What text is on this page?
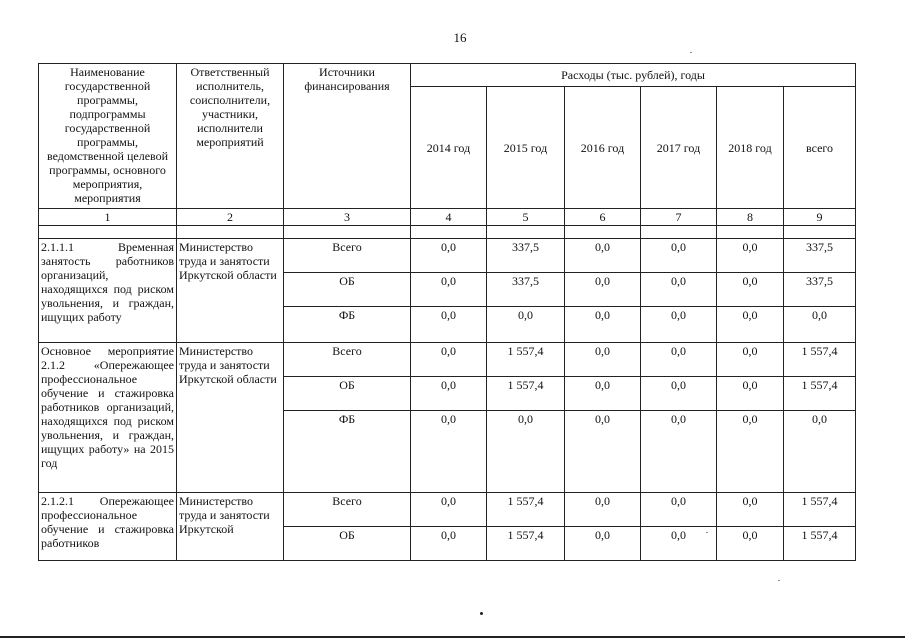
16
Наименование государственной программы, подпрограммы государственной программы, ведомственной целевой программы, основного мероприятия, мероприятия	Ответственный исполнитель, соисполнители, участники, исполнители мероприятий	Источники финансирования	Расходы (тыс. рублей), годы					
			2014 год	2015 год	2016 год	2017 год	2018 год	всего
1	2	3	4	5	6	7	8	9

2.1.1.1 Временная занятость работников организаций, находящихся под риском увольнения, и граждан, ищущих работу	Министерство труда и занятости Иркутской области	Всего	0,0	337,5	0,0	0,0	0,0	337,5
		ОБ	0,0	337,5	0,0	0,0	0,0	337,5
		ФБ	0,0	0,0	0,0	0,0	0,0	0,0
Основное мероприятие 2.1.2 «Опережающее профессиональное обучение и стажировка работников организаций, находящихся под риском увольнения, и граждан, ищущих работу» на 2015 год	Министерство труда и занятости Иркутской области	Всего	0,0	1 557,4	0,0	0,0	0,0	1 557,4
		ОБ	0,0	1 557,4	0,0	0,0	0,0	1 557,4
		ФБ	0,0	0,0	0,0	0,0	0,0	0,0
2.1.2.1 Опережающее профессиональное обучение и стажировка работников	Министерство труда и занятости Иркутской	Всего	0,0	1 557,4	0,0	0,0	0,0	1 557,4
		ОБ	0,0	1 557,4	0,0	0,0	0,0	1 557,4
